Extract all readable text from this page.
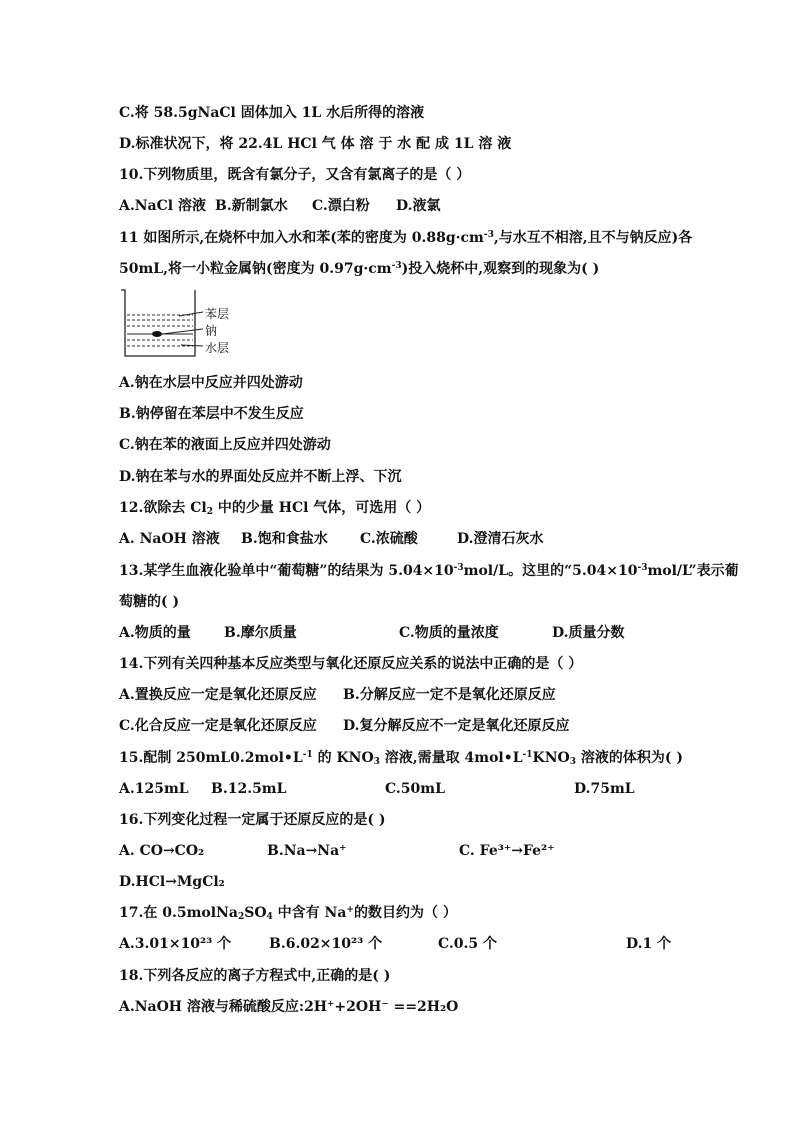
C.将 58.5gNaCl 固体加入 1L 水后所得的溶液
D.标准状况下，将 22.4L HCl 气 体 溶 于 水 配 成 1L 溶 液
10.下列物质里，既含有氯分子，又含有氯离子的是（ ）
A.NaCl 溶液 B.新制氯水 C.漂白粉 D.液氯
11 如图所示,在烧杯中加入水和苯(苯的密度为 $0.88g\cdot cm^{-3}$,与水互不相溶,且不与钠反应)各
50mL,将一小粒金属钠(密度为 $0.97g\cdot cm^{-3}$)投入烧杯中,观察到的现象为( )
苯层
钠
水层
A.钠在水层中反应并四处游动
B.钠停留在苯层中不发生反应
C.钠在苯的液面上反应并四处游动
D.钠在苯与水的界面处反应并不断上浮、下沉
12.欲除去 $Cl_2$ 中的少量 HCl 气体，可选用（ ）
A. NaOH 溶液 B.饱和食盐水 C.浓硫酸	D.澄清石灰水
13.某学生血液化验单中“葡萄糖”的结果为 $5.04\times 10^{-3}mol/L$。这里的“$5.04\times 10^{-3}mol/L$”表示葡
萄糖的( )
A.物质的量 B.摩尔质量	C.物质的量浓度	D.质量分数
14.下列有关四种基本反应类型与氧化还原反应关系的说法中正确的是（ ）
A.置换反应一定是氧化还原反应 B.分解反应一定不是氧化还原反应
C.化合反应一定是氧化还原反应 D.复分解反应不一定是氧化还原反应
15.配制 $250mL0.2mol•L^{-1}$ 的 $KNO_3$ 溶液,需量取 $4mol•L^{-1}KNO_3$ 溶液的体积为( )
A.125mL B.12.5mL	C.50mL	D.75mL
16.下列变化过程一定属于还原反应的是( )
A. CO→CO₂	B.Na→Na⁺	C. Fe³⁺→Fe²⁺
D.HCl→MgCl₂
17.在 $0.5molNa_2SO_4$ 中含有 Na+的数目约为（ ）
A.3.01×10²³ 个	B.6.02×10²³ 个	C.0.5 个	D.1 个
18.下列各反应的离子方程式中,正确的是( )
A.NaOH 溶液与稀硫酸反应:2H⁺+2OH⁻ ==2H₂O
